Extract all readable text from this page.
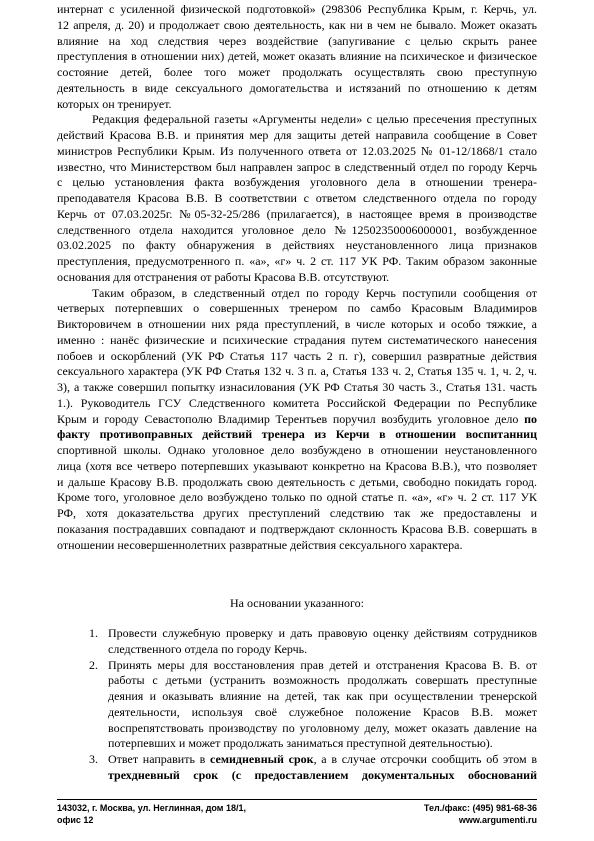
интернат с усиленной физической подготовкой» (298306 Республика Крым, г. Керчь, ул.
12 апреля, д. 20) и продолжает свою деятельность, как ни в чем не бывало. Может оказать
влияние на ход следствия через воздействие (запугивание с целью скрыть ранее
преступления в отношении них) детей, может оказать влияние на психическое и физическое
состояние детей, более того может продолжать осуществлять свою преступную
деятельность в виде сексуального домогательства и истязаний по отношению к детям
которых он тренирует.
Редакция федеральной газеты «Аргументы недели» с целью пресечения преступных
действий Красова В.В. и принятия мер для защиты детей направила сообщение в Совет
министров Республики Крым. Из полученного ответа от 12.03.2025 № 01-12/1868/1 стало
известно, что Министерством был направлен запрос в следственный отдел по городу Керчь
с целью установления факта возбуждения уголовного дела в отношении тренера-
преподавателя Красова В.В. В соответствии с ответом следственного отдела по городу
Керчь от 07.03.2025г. №05-32-25/286 (прилагается), в настоящее время в производстве
следственного отдела находится уголовное дело №12502350006000001, возбужденное
03.02.2025 по факту обнаружения в действиях неустановленного лица признаков
преступления, предусмотренного п. «а», «г» ч. 2 ст. 117 УК РФ. Таким образом законные
основания для отстранения от работы Красова В.В. отсутствуют.
Таким образом, в следственный отдел по городу Керчь поступили сообщения от
четверых потерпевших о совершенных тренером по самбо Красовым Владимиров
Викторовичем в отношении них ряда преступлений, в числе которых и особо тяжкие, а
именно : нанёс физические и психические страдания путем систематического нанесения
побоев и оскорблений (УК РФ Статья 117 часть 2 п. г), совершил развратные действия
сексуального характера (УК РФ Статья 132 ч. 3 п. а, Статья 133 ч. 2, Статья 135 ч. 1, ч. 2, ч.
3), а также совершил попытку изнасилования (УК РФ Статья 30 часть 3., Статья 131. часть
1.). Руководитель ГСУ Следственного комитета Российской Федерации по Республике
Крым и городу Севастополю Владимир Терентьев поручил возбудить уголовное дело по
факту противоправных действий тренера из Керчи в отношении воспитанниц
спортивной школы. Однако уголовное дело возбуждено в отношении неустановленного
лица (хотя все четверо потерпевших указывают конкретно на Красова В.В.), что позволяет
и дальше Красову В.В. продолжать свою деятельность с детьми, свободно покидать город.
Кроме того, уголовное дело возбуждено только по одной статье п. «а», «г» ч. 2 ст. 117 УК
РФ, хотя доказательства других преступлений следствию так же предоставлены и
показания пострадавших совпадают и подтверждают склонность Красова В.В. совершать в
отношении несовершеннолетних развратные действия сексуального характера.
На основании указанного:
1. Провести служебную проверку и дать правовую оценку действиям сотрудников
следственного отдела по городу Керчь.
2. Принять меры для восстановления прав детей и отстранения Красова В. В. от
работы с детьми (устранить возможность продолжать совершать преступные
деяния и оказывать влияние на детей, так как при осуществлении тренерской
деятельности, используя своё служебное положение Красов В.В. может
воспрепятствовать производству по уголовному делу, может оказать давление на
потерпевших и может продолжать заниматься преступной деятельностью).
3. Ответ направить в семидневный срок, а в случае отсрочки сообщить об этом в
трехдневный срок (с предоставлением документальных обоснований
143032, г. Москва, ул. Неглинная, дом 18/1,
офис 12
Тел./факс: (495) 981-68-36
www.argumenti.ru
